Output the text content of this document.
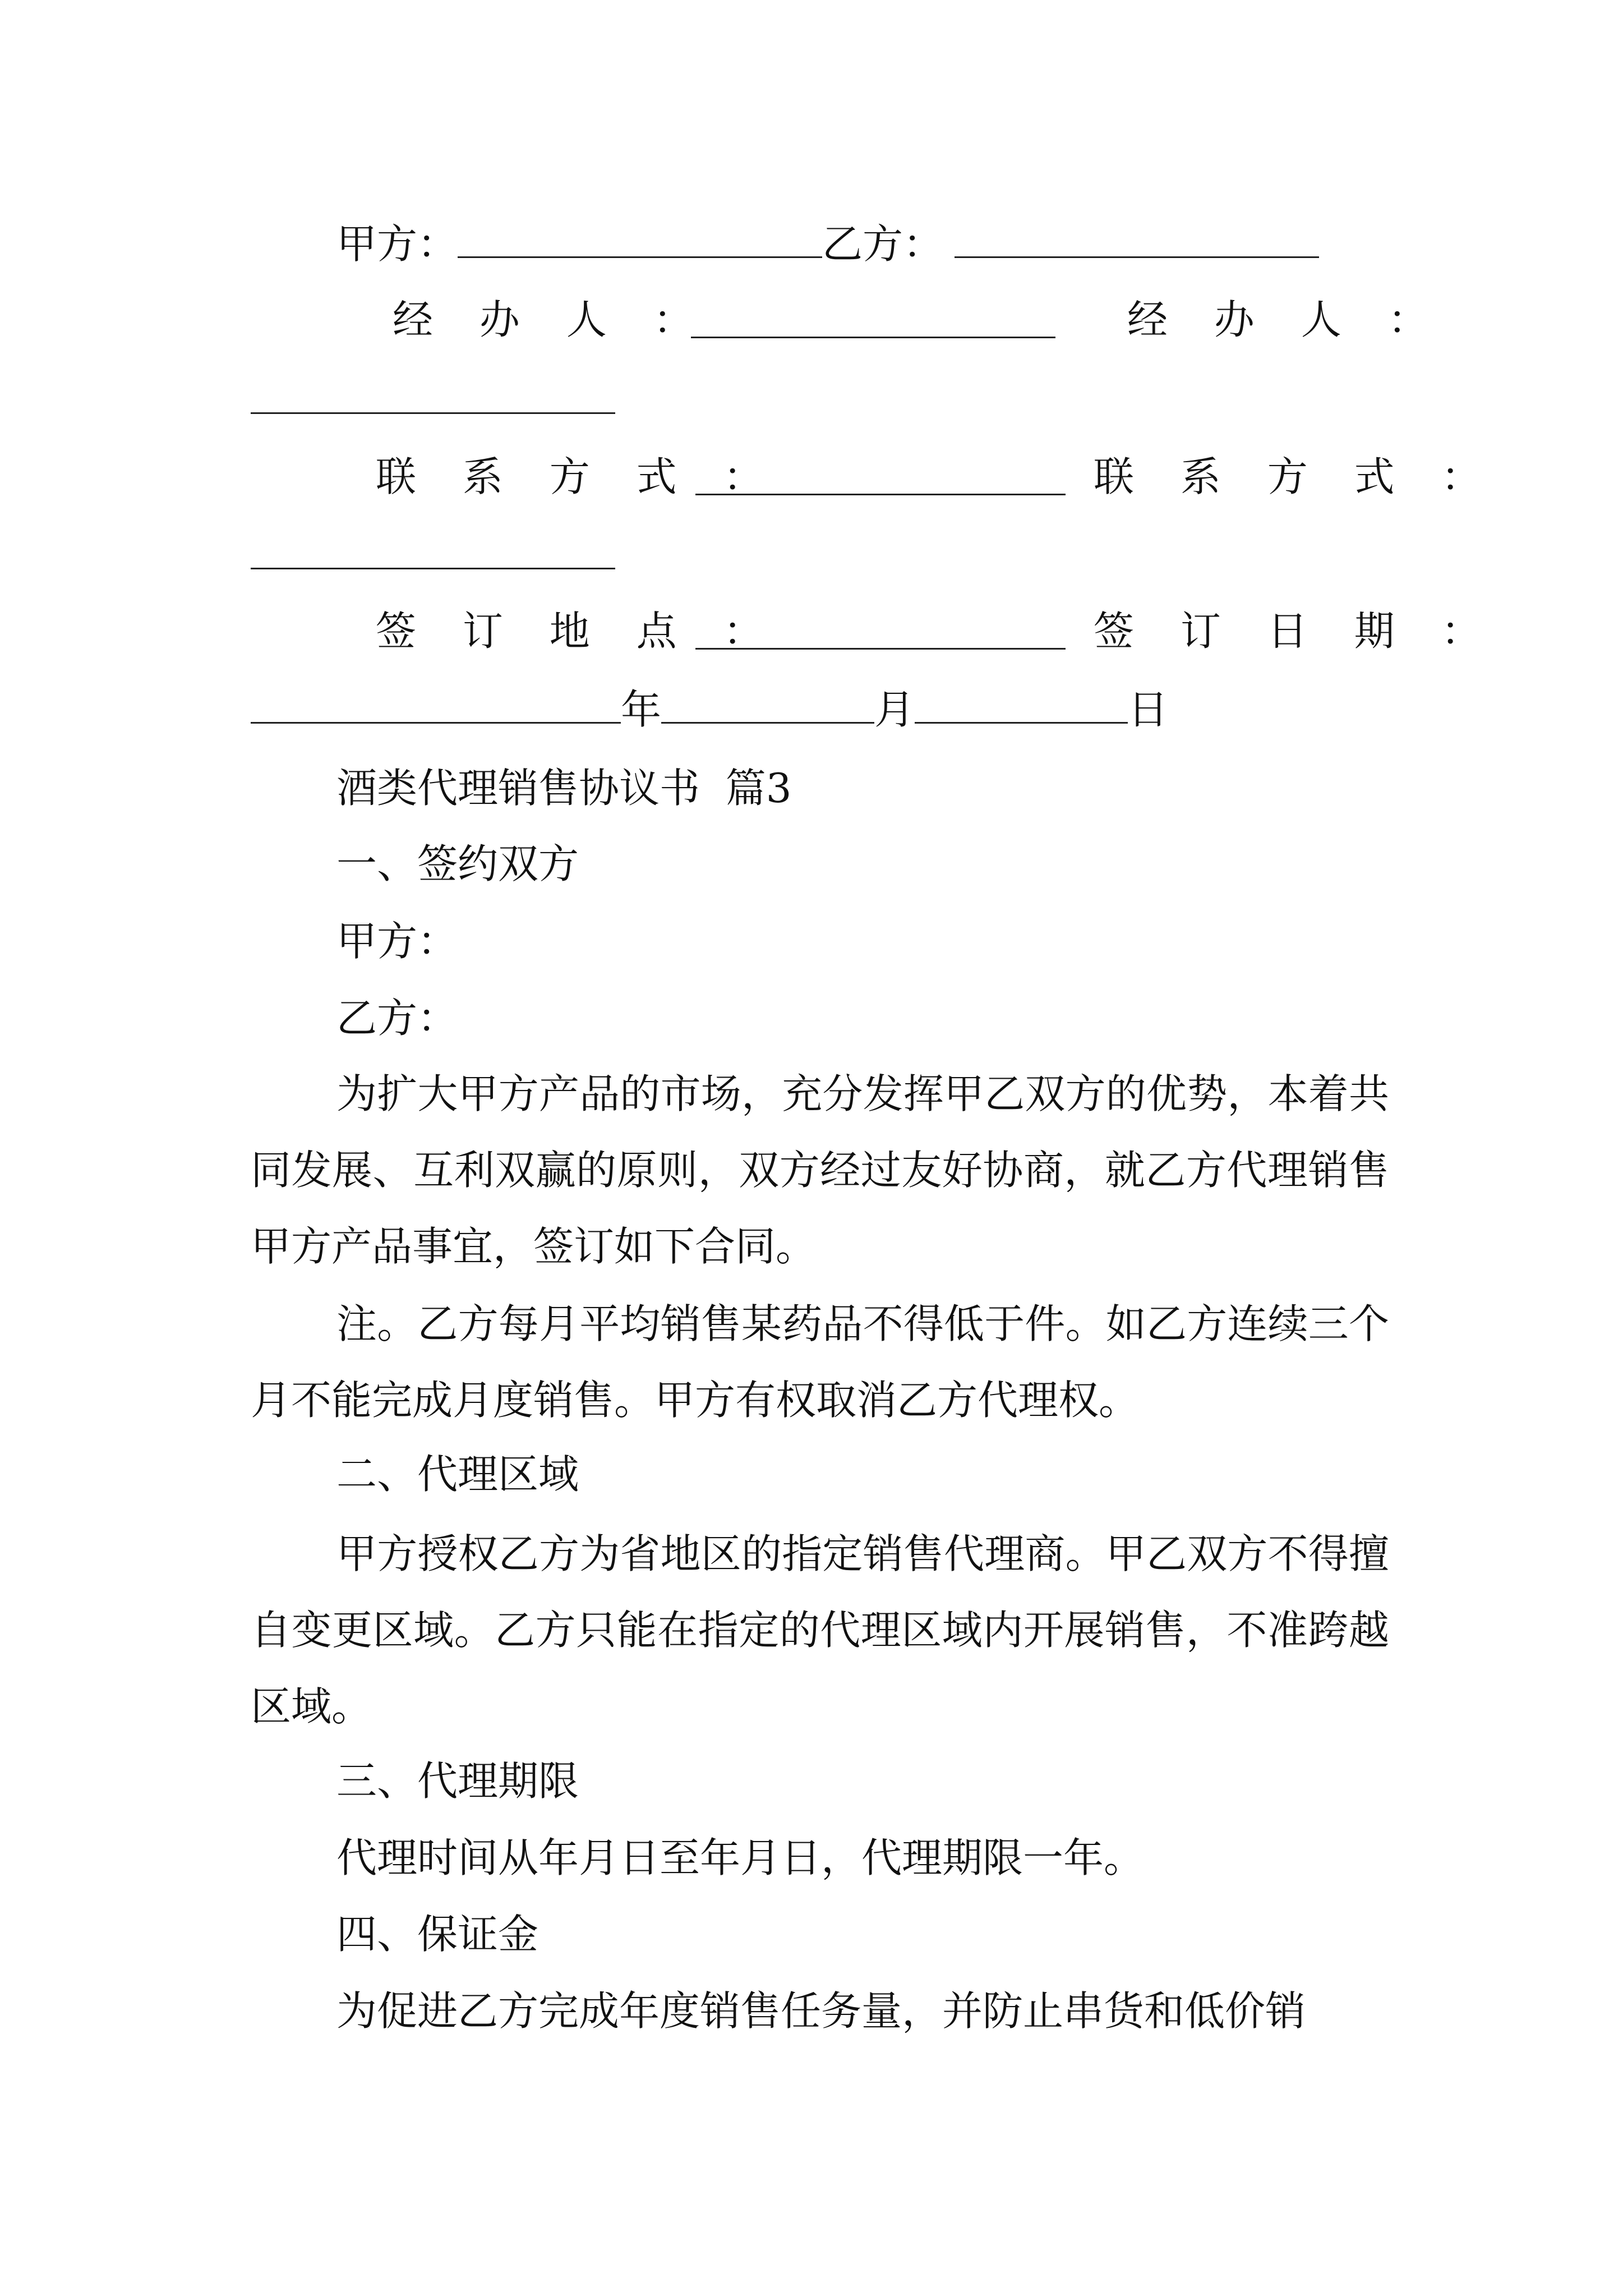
甲方：	乙方：
经 办 人 ：	经 办 人 ：
联 系 方 式 ：	联 系 方 式 ：
签 订 地 点 ：	签 订 日 期 ：
年	月	日
酒类代理销售协议书  篇3
一、签约双方
甲方：
乙方：
为扩大甲方产品的市场，充分发挥甲乙双方的优势，本着共同发展、互利双赢的原则，双方经过友好协商，就乙方代理销售甲方产品事宜，签订如下合同。
注。乙方每月平均销售某药品不得低于件。如乙方连续三个月不能完成月度销售。甲方有权取消乙方代理权。
二、代理区域
甲方授权乙方为省地区的指定销售代理商。甲乙双方不得擅自变更区域。乙方只能在指定的代理区域内开展销售，不准跨越区域。
三、代理期限
代理时间从年月日至年月日，代理期限一年。
四、保证金
为促进乙方完成年度销售任务量，并防止串货和低价销
